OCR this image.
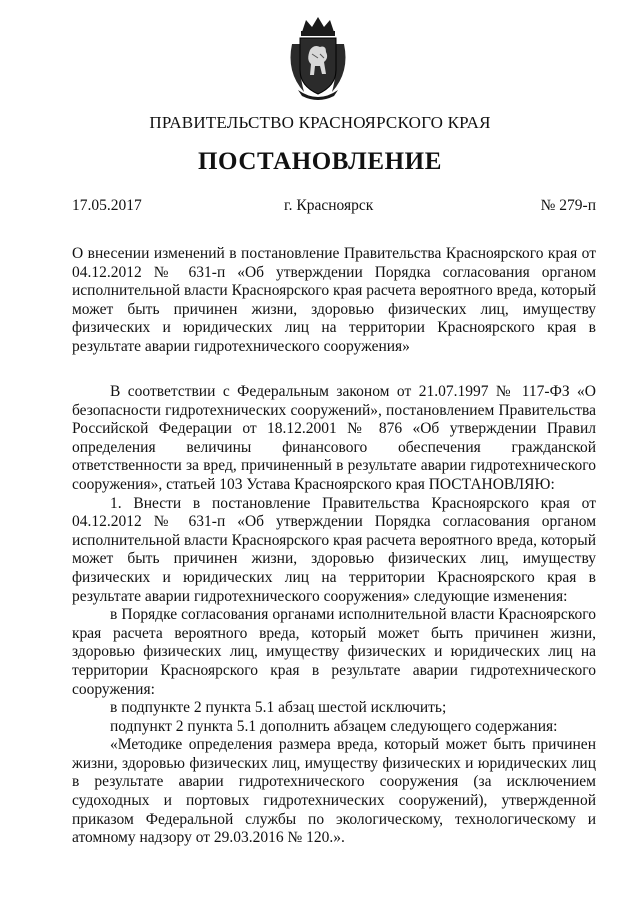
ПРАВИТЕЛЬСТВО КРАСНОЯРСКОГО КРАЯ
ПОСТАНОВЛЕНИЕ
17.05.2017	г. Красноярск	№ 279-п
О внесении изменений в постановление Правительства Красноярского края от 04.12.2012 № 631-п «Об утверждении Порядка согласования органом исполнительной власти Красноярского края расчета вероятного вреда, который может быть причинен жизни, здоровью физических лиц, имуществу физических и юридических лиц на территории Красноярского края в результате аварии гидротехнического сооружения»

В соответствии с Федеральным законом от 21.07.1997 № 117-ФЗ «О безопасности гидротехнических сооружений», постановлением Правительства Российской Федерации от 18.12.2001 № 876 «Об утверждении Правил определения величины финансового обеспечения гражданской ответственности за вред, причиненный в результате аварии гидротехнического сооружения», статьей 103 Устава Красноярского края ПОСТАНОВЛЯЮ:

1. Внести в постановление Правительства Красноярского края от 04.12.2012 № 631-п «Об утверждении Порядка согласования органом исполнительной власти Красноярского края расчета вероятного вреда, который может быть причинен жизни, здоровью физических лиц, имуществу физических и юридических лиц на территории Красноярского края в результате аварии гидротехнического сооружения» следующие изменения:

в Порядке согласования органами исполнительной власти Красноярского края расчета вероятного вреда, который может быть причинен жизни, здоровью физических лиц, имуществу физических и юридических лиц на территории Красноярского края в результате аварии гидротехнического сооружения:

в подпункте 2 пункта 5.1 абзац шестой исключить;

подпункт 2 пункта 5.1 дополнить абзацем следующего содержания:

«Методике определения размера вреда, который может быть причинен жизни, здоровью физических лиц, имуществу физических и юридических лиц в результате аварии гидротехнического сооружения (за исключением судоходных и портовых гидротехнических сооружений), утвержденной приказом Федеральной службы по экологическому, технологическому и атомному надзору от 29.03.2016 № 120.».
